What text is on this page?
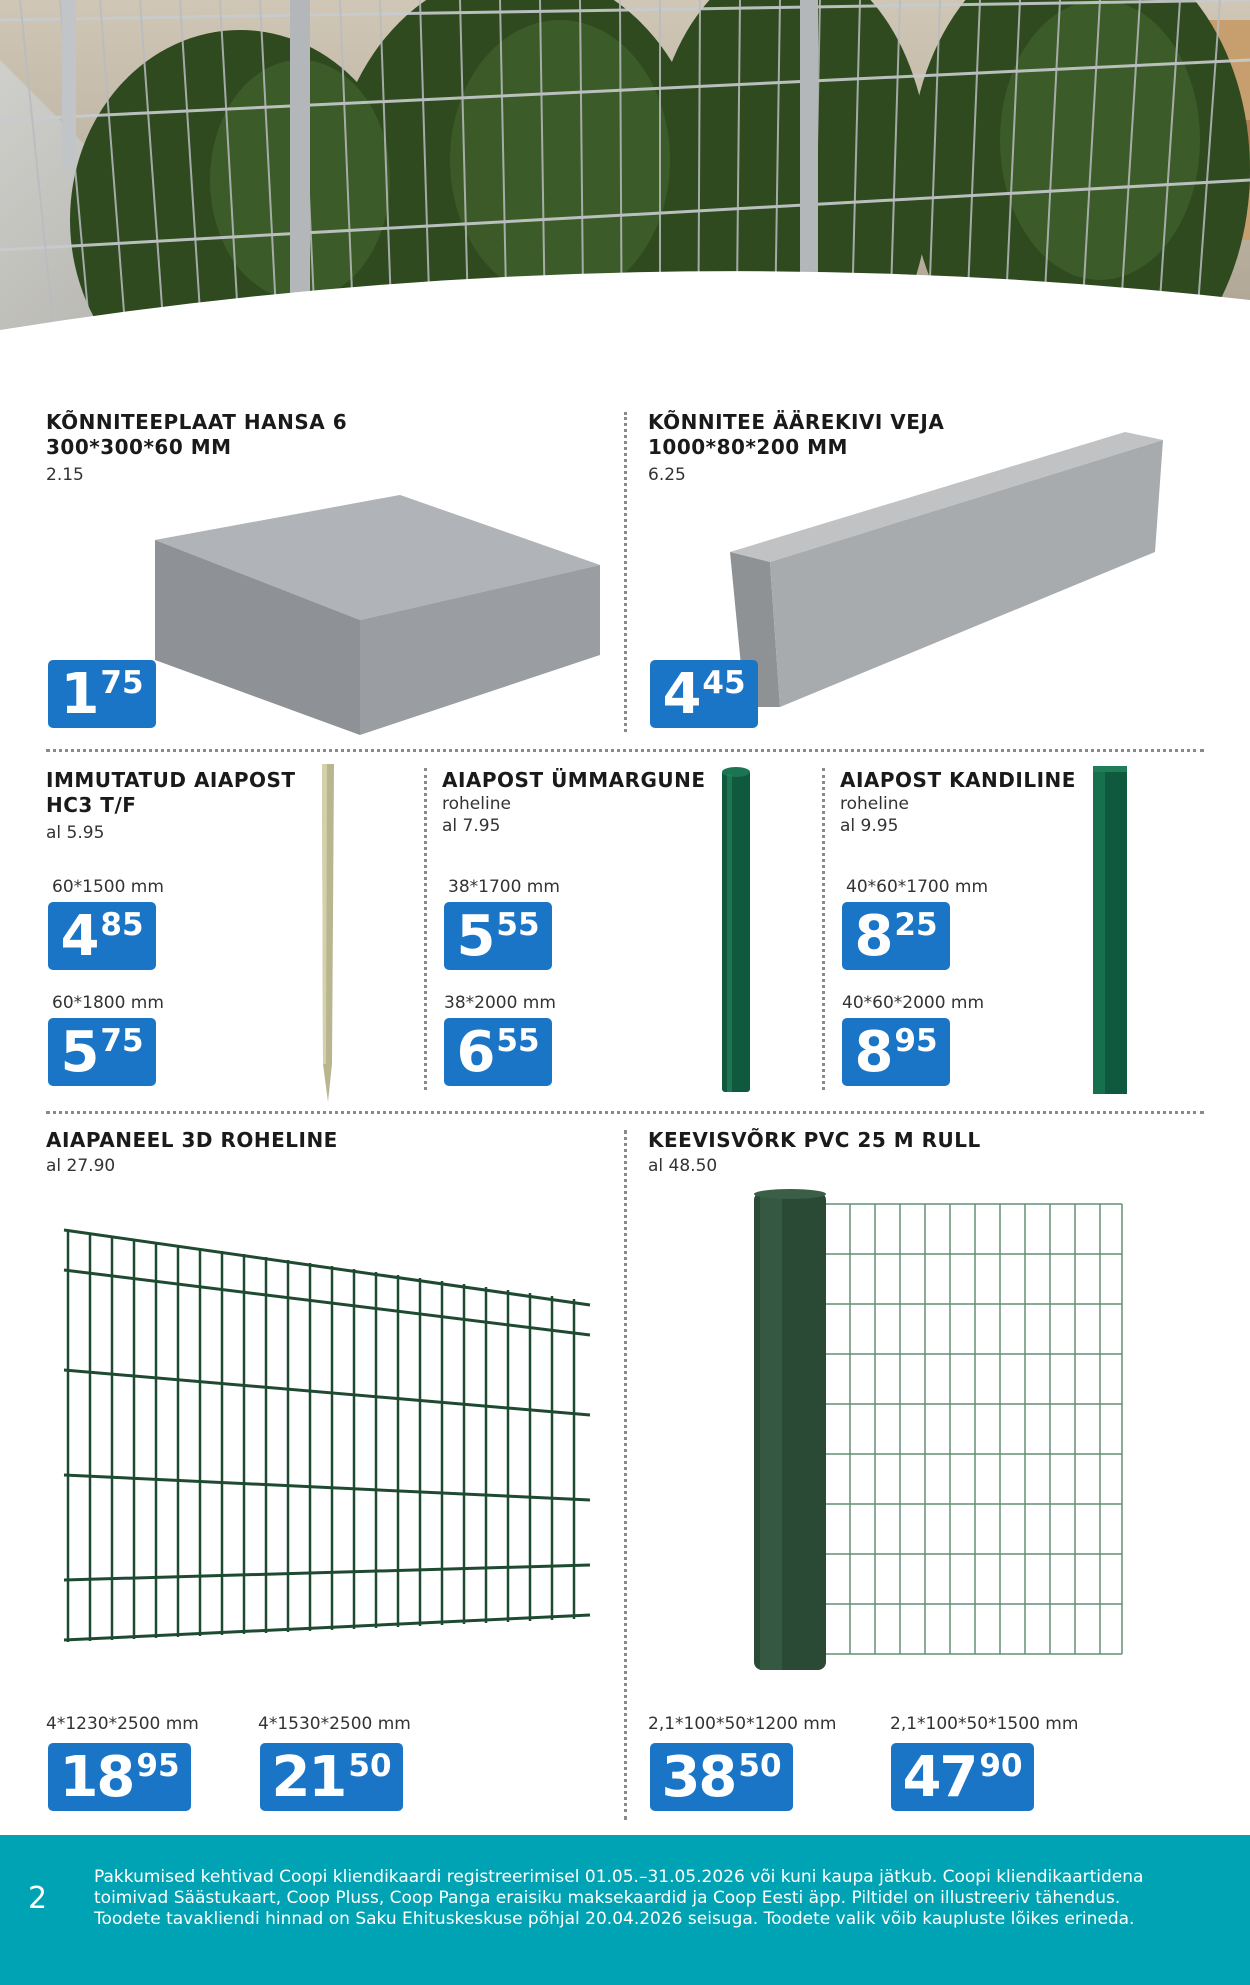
KÕNNITEEPLAAT HANSA 6
300*300*60 MM
2.15
1 75
KÕNNITEE ÄÄREKIVI VEJA
1000*80*200 MM
6.25
4 45
IMMUTATUD AIAPOST
HC3 T/F
al 5.95
60*1500 mm
4 85
60*1800 mm
5 75
AIAPOST ÜMMARGUNE
roheline
al 7.95
38*1700 mm
5 55
38*2000 mm
6 55
AIAPOST KANDILINE
roheline
al 9.95
40*60*1700 mm
8 25
40*60*2000 mm
8 95
AIAPANEEL 3D ROHELINE
al 27.90
4*1230*2500 mm
18 95
4*1530*2500 mm
21 50
KEEVISVÕRK PVC 25 M RULL
al 48.50
2,1*100*50*1200 mm
38 50
2,1*100*50*1500 mm
47 90
2
Pakkumised kehtivad Coopi kliendikaardi registreerimisel 01.05.–31.05.2026 või kuni kaupa jätkub. Coopi kliendikaartidena
toimivad Säästukaart, Coop Pluss, Coop Panga eraisiku maksekaardid ja Coop Eesti äpp. Piltidel on illustreeriv tähendus.
Toodete tavakliendi hinnad on Saku Ehituskeskuse põhjal 20.04.2026 seisuga. Toodete valik võib kaupluste lõikes erineda.
